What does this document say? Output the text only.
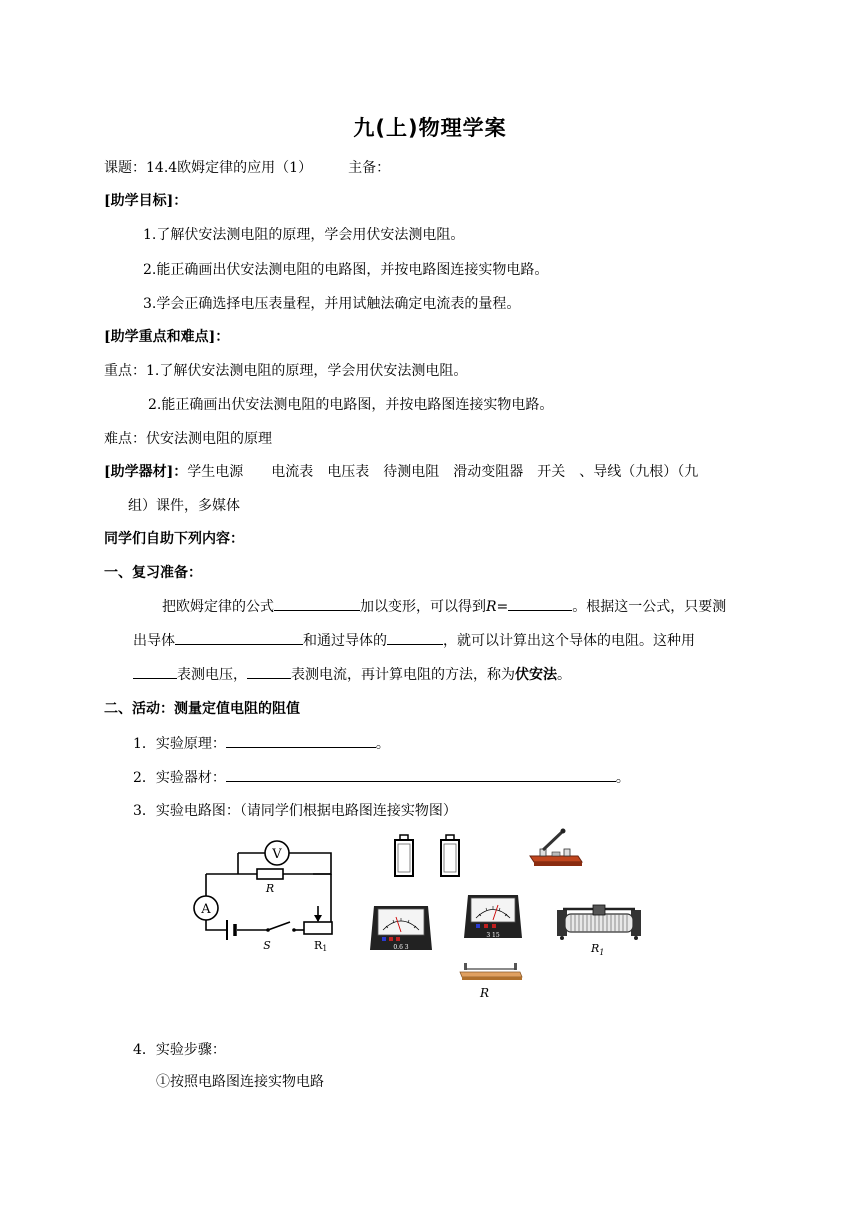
九(上)物理学案
课题：14.4欧姆定律的应用（1）	主备：
[助学目标]：
1.了解伏安法测电阻的原理，学会用伏安法测电阻。
2.能正确画出伏安法测电阻的电路图，并按电路图连接实物电路。
3.学会正确选择电压表量程，并用试触法确定电流表的量程。
[助学重点和难点]：
重点：1.了解伏安法测电阻的原理，学会用伏安法测电阻。
2.能正确画出伏安法测电阻的电路图，并按电路图连接实物电路。
难点：伏安法测电阻的原理
[助学器材]：学生电源　　电流表　电压表　待测电阻　滑动变阻器　开关　、导线（九根）（九
组）课件，多媒体
同学们自助下列内容：
一、复习准备：
把欧姆定律的公式	加以变形，可以得到R=	。根据这一公式，只要测
出导体	和通过导体的	，就可以计算出这个导体的电阻。这种用
表测电压，	表测电流，再计算电阻的方法，称为伏安法。
二、活动：测量定值电阻的阻值
1．实验原理：	。
2．实验器材：	。
3．实验电路图：（请同学们根据电路图连接实物图）
V
A
R
S	R1	0.6 3
3 15
$R_1$
R
4．实验步骤：
①按照电路图连接实物电路
